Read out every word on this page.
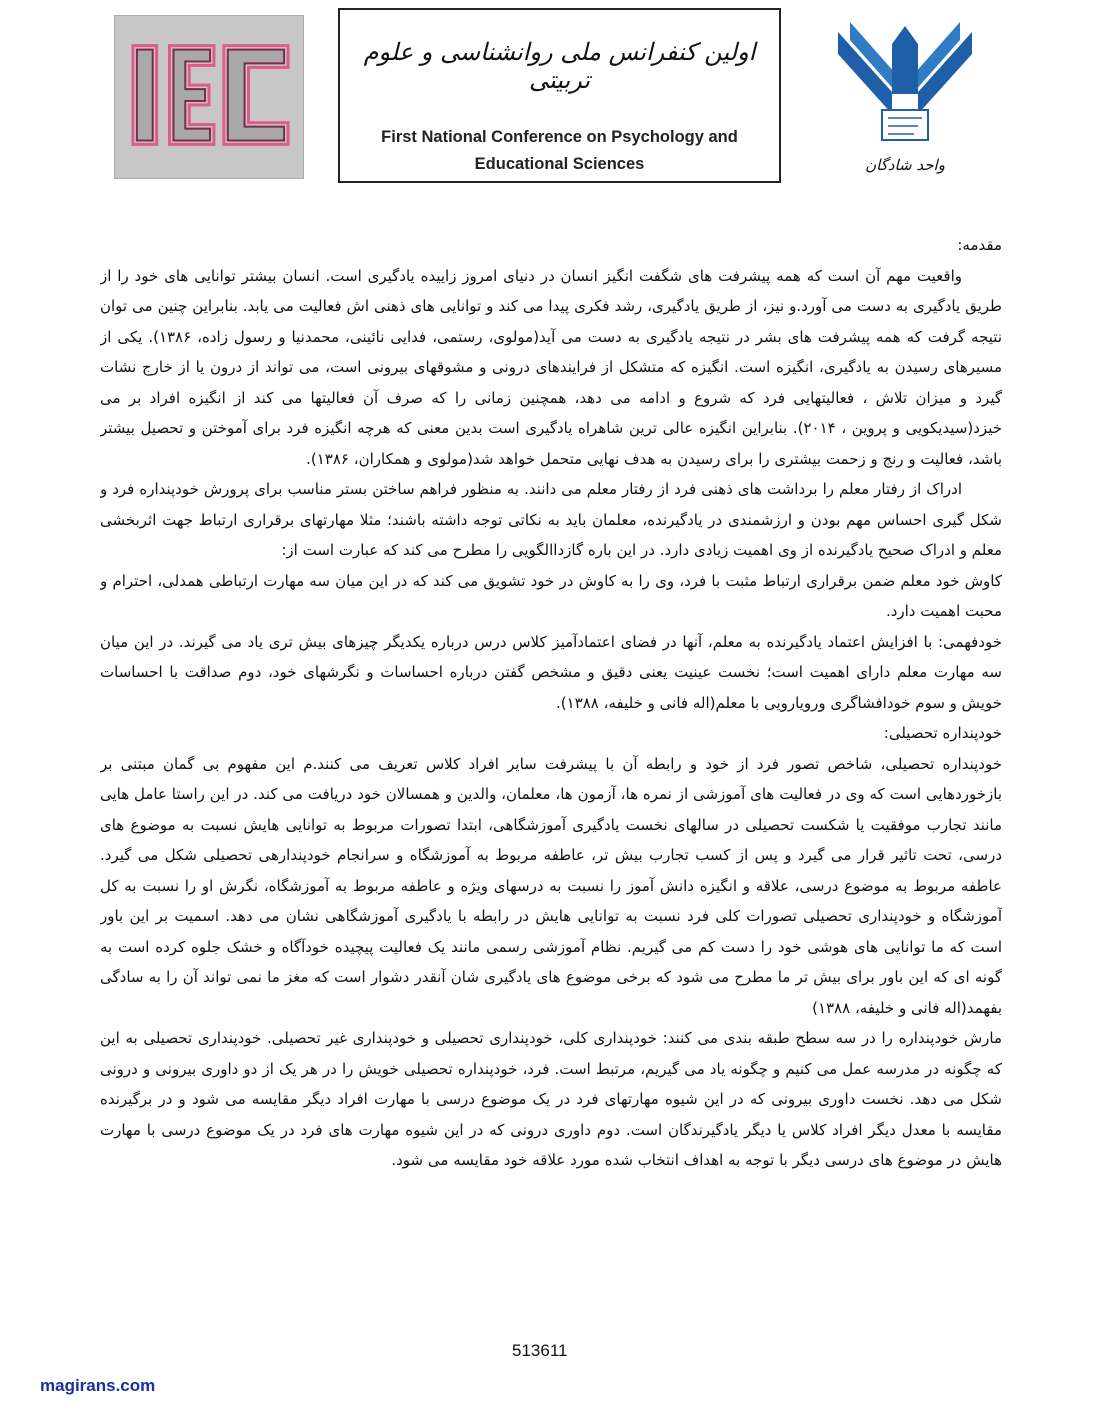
اولین کنفرانس ملی روانشناسی و علوم تربیتی
First National Conference on Psychology and
Educational Sciences	واحد شادگان

مقدمه:

واقعیت مهم آن است که همه پیشرفت های شگفت انگیز انسان در دنیای امروز زاییده یادگیری است. انسان بیشتر توانایی های خود را از طریق یادگیری به دست می آورد.و نیز، از طریق یادگیری، رشد فکری پیدا می کند و توانایی های ذهنی اش فعالیت می یابد. بنابراین چنین می توان نتیجه گرفت که همه پیشرفت های بشر در نتیجه یادگیری به دست می آید(مولوی، رستمی، فدایی نائینی، محمدنیا و رسول زاده، ۱۳۸۶). یکی از مسیرهای رسیدن به یادگیری، انگیزه است. انگیزه که متشکل از فرایندهای درونی و مشوقهای بیرونی است، می تواند از درون یا از خارج نشات گیرد و میزان تلاش ، فعالیتهایی فرد که شروع و ادامه می دهد، همچنین زمانی را که صرف آن فعالیتها می کند از انگیزه افراد بر می خیزد(سیدیکویی و پروین ، ۲۰۱۴). بنابراین انگیزه عالی ترین شاهراه یادگیری است بدین معنی که هرچه انگیزه فرد برای آموختن و تحصیل بیشتر باشد، فعالیت و رنج و زحمت بیشتری را برای رسیدن به هدف نهایی متحمل خواهد شد(مولوی و همکاران، ۱۳۸۶).

ادراک از رفتار معلم را برداشت های ذهنی فرد از رفتار معلم می دانند. به منظور فراهم ساختن بستر مناسب برای پرورش خودپنداره فرد و شکل گیری احساس مهم بودن و ارزشمندی در یادگیرنده، معلمان باید به نکاتی توجه داشته باشند؛ مثلا مهارتهای برقراری ارتباط جهت اثربخشی معلم و ادراک صحیح یادگیرنده از وی اهمیت زیادی دارد. در این باره گازداالگویی را مطرح می کند که عبارت است از:

کاوش خود معلم ضمن برقراری ارتباط مثبت با فرد، وی را به کاوش در خود تشویق می کند که در این میان سه مهارت ارتباطی همدلی، احترام و محبت اهمیت دارد.

خودفهمی: با افزایش اعتماد یادگیرنده به معلم، آنها در فضای اعتمادآمیز کلاس درس درباره یکدیگر چیزهای بیش تری یاد می گیرند. در این میان سه مهارت معلم دارای اهمیت است؛ نخست عینیت یعنی دقیق و مشخص گفتن درباره احساسات و نگرشهای خود، دوم صداقت با احساسات خویش و سوم خودافشاگری ورویارویی با معلم(اله فانی و خلیفه، ۱۳۸۸).

خودپنداره تحصیلی:

خودپنداره تحصیلی، شاخص تصور فرد از خود و رابطه آن با پیشرفت سایر افراد کلاس تعریف می کنند.م این مفهوم بی گمان مبتنی بر بازخوردهایی است که وی در فعالیت های آموزشی از نمره ها، آزمون ها، معلمان، والدین و همسالان خود دریافت می کند. در این راستا عامل هایی مانند تجارب موفقیت یا شکست تحصیلی در سالهای نخست یادگیری آموزشگاهی، ابتدا تصورات مربوط به توانایی هایش نسبت به موضوع های درسی، تحت تاثیر قرار می گیرد و پس از کسب تجارب بیش تر، عاطفه مربوط به آموزشگاه و سرانجام خودپندارهی تحصیلی شکل می گیرد. عاطفه مربوط به موضوع درسی، علاقه و انگیزه دانش آموز را نسبت به درسهای ویژه و عاطفه مربوط به آموزشگاه، نگرش او را نسبت به کل آموزشگاه و خودپنداری تحصیلی تصورات کلی فرد نسبت به توانایی هایش در رابطه با یادگیری آموزشگاهی نشان می دهد. اسمیت بر این باور است که ما توانایی های هوشی خود را دست کم می گیریم. نظام آموزشی رسمی مانند یک فعالیت پیچیده خودآگاه و خشک جلوه کرده است به گونه ای که این باور برای بیش تر ما مطرح می شود که برخی موضوع های یادگیری شان آنقدر دشوار است که مغز ما نمی تواند آن را به سادگی بفهمد(اله فانی و خلیفه، ۱۳۸۸)

مارش خودپنداره را در سه سطح طبقه بندی می کنند: خودپنداری کلی، خودپنداری تحصیلی و خودپنداری غیر تحصیلی. خودپنداری تحصیلی به این که چگونه در مدرسه عمل می کنیم و چگونه یاد می گیریم، مرتبط است. فرد، خودپنداره تحصیلی خویش را در هر یک از دو داوری بیرونی و درونی شکل می دهد. نخست داوری بیرونی که در این شیوه مهارتهای فرد در یک موضوع درسی با مهارت افراد دیگر مقایسه می شود و در برگیرنده مقایسه با معدل دیگر افراد کلاس یا دیگر یادگیرندگان است. دوم داوری درونی که در این شیوه مهارت های فرد در یک موضوع درسی با مهارت هایش در موضوع های درسی دیگر با توجه به اهداف انتخاب شده مورد علاقه خود مقایسه می شود.

513611
magirans.com
